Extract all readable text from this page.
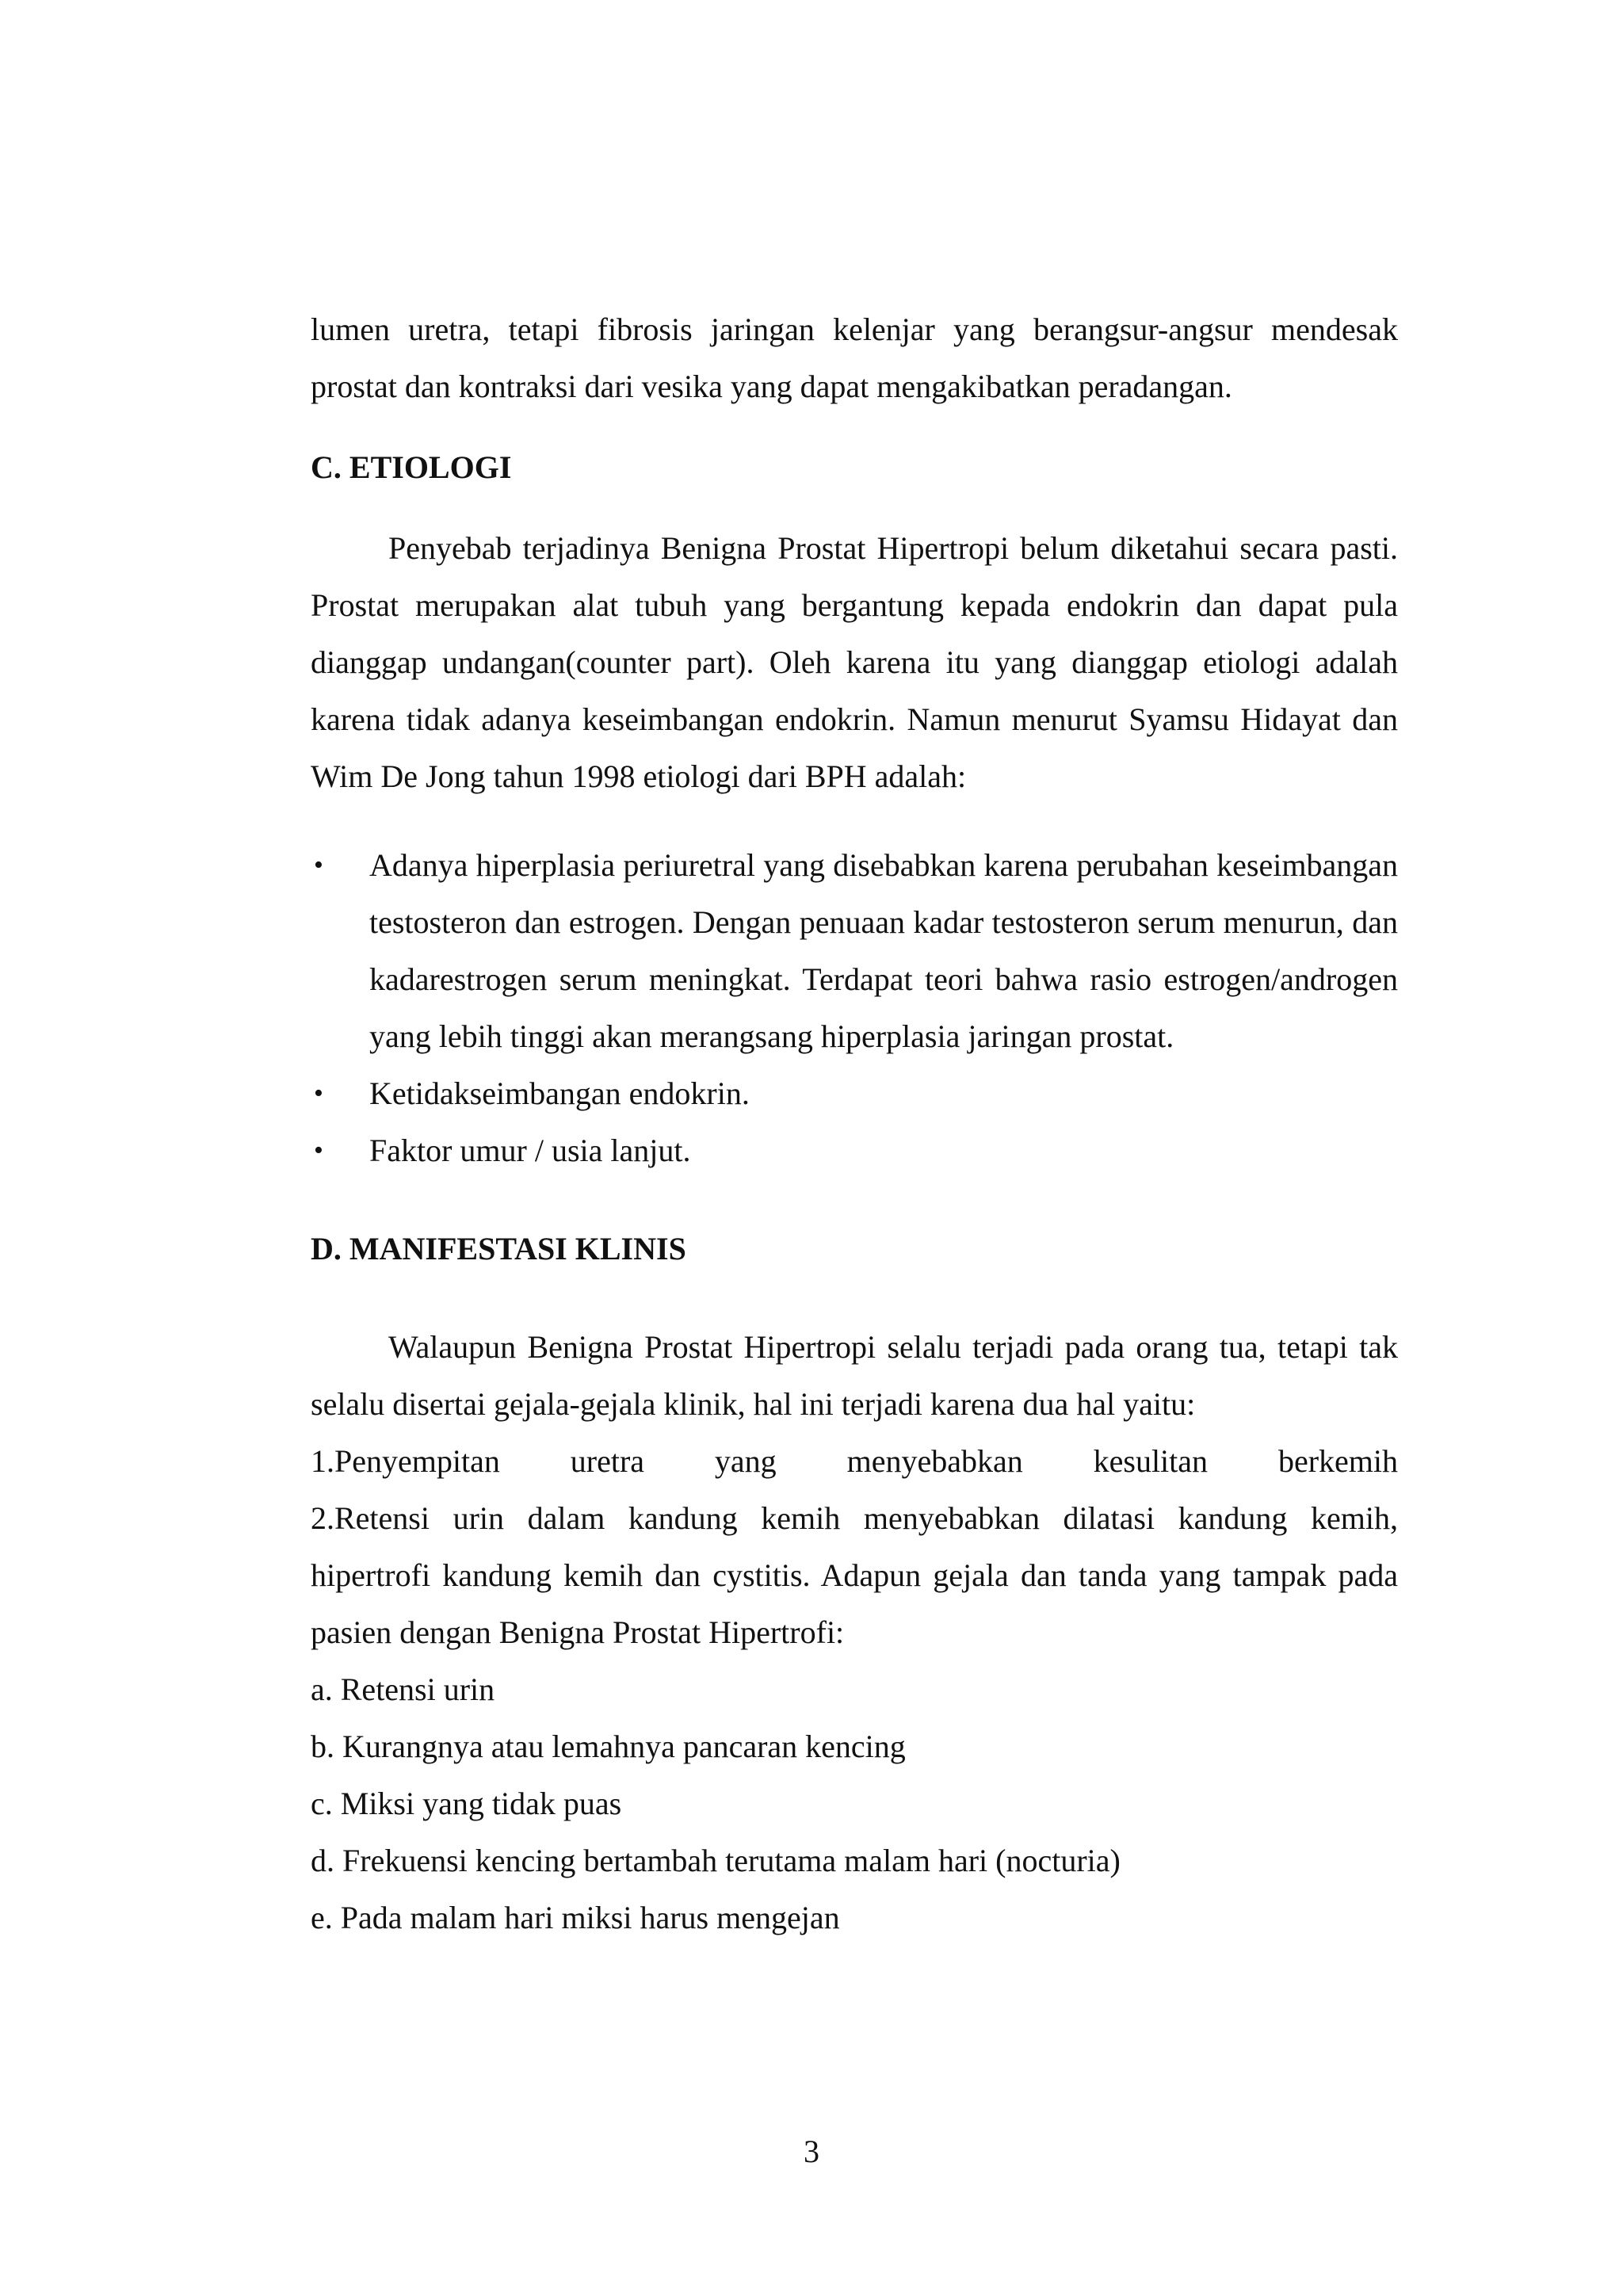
lumen uretra, tetapi fibrosis jaringan kelenjar yang berangsur-angsur mendesak prostat dan kontraksi dari vesika yang dapat mengakibatkan peradangan.

C. ETIOLOGI

Penyebab terjadinya Benigna Prostat Hipertropi belum diketahui secara pasti. Prostat merupakan alat tubuh yang bergantung kepada endokrin dan dapat pula dianggap undangan(counter part). Oleh karena itu yang dianggap etiologi adalah karena tidak adanya keseimbangan endokrin. Namun menurut Syamsu Hidayat dan Wim De Jong tahun 1998 etiologi dari BPH adalah:

• Adanya hiperplasia periuretral yang disebabkan karena perubahan keseimbangan testosteron dan estrogen. Dengan penuaan kadar testosteron serum menurun, dan kadarestrogen serum meningkat. Terdapat teori bahwa rasio estrogen/androgen yang lebih tinggi akan merangsang hiperplasia jaringan prostat.
• Ketidakseimbangan endokrin.
• Faktor umur / usia lanjut.
D. MANIFESTASI KLINIS

Walaupun Benigna Prostat Hipertropi selalu terjadi pada orang tua, tetapi tak selalu disertai gejala-gejala klinik, hal ini terjadi karena dua hal yaitu:

1.Penyempitan uretra yang menyebabkan kesulitan berkemih

2.Retensi urin dalam kandung kemih menyebabkan dilatasi kandung kemih, hipertrofi kandung kemih dan cystitis. Adapun gejala dan tanda yang tampak pada pasien dengan Benigna Prostat Hipertrofi:

a. Retensi urin
b. Kurangnya atau lemahnya pancaran kencing
c. Miksi yang tidak puas
d. Frekuensi kencing bertambah terutama malam hari (nocturia)
e. Pada malam hari miksi harus mengejan
3
